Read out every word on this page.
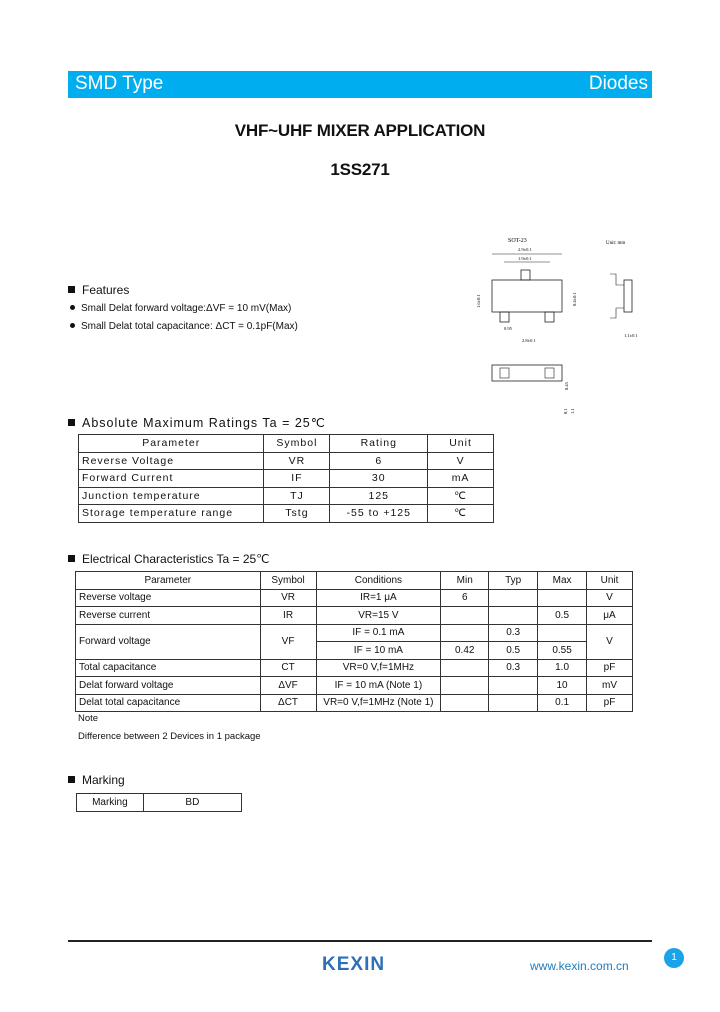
SMD Type	Diodes
VHF~UHF MIXER APPLICATION
1SS271
Features
Small Delat forward voltage:ΔVF = 10 mV(Max)
Small Delat total capacitance: ΔCT = 0.1pF(Max)
SOT-23	Unit: mm
2.9±0.1
1.9±0.1
0.95
2.8±0.1
1.6±0.1	0.4±0.1
1.1±0.1
0.45
0.1 1.1
Absolute Maximum Ratings Ta = 25℃
Parameter	Symbol	Rating	Unit
Reverse Voltage	VR	6	V
Forward Current	IF	30	mA
Junction temperature	TJ	125	℃
Storage temperature range	Tstg	-55 to +125	℃
Electrical Characteristics Ta = 25℃
Parameter	Symbol	Conditions	Min	Typ	Max	Unit
Reverse voltage	VR	IR=1 μA	6			V
Reverse current	IR	VR=15 V			0.5	μA
Forward voltage	VF	IF = 0.1 mA		0.3		V
		IF = 10 mA	0.42	0.5	0.55	
Total capacitance	CT	VR=0 V,f=1MHz		0.3	1.0	pF
Delat forward voltage	ΔVF	IF = 10 mA (Note 1)			10	mV
Delat total capacitance	ΔCT	VR=0 V,f=1MHz (Note 1)			0.1	pF
Note
Difference between 2 Devices in 1 package
Marking
Marking	BD
KEXIN	www.kexin.com.cn
1
